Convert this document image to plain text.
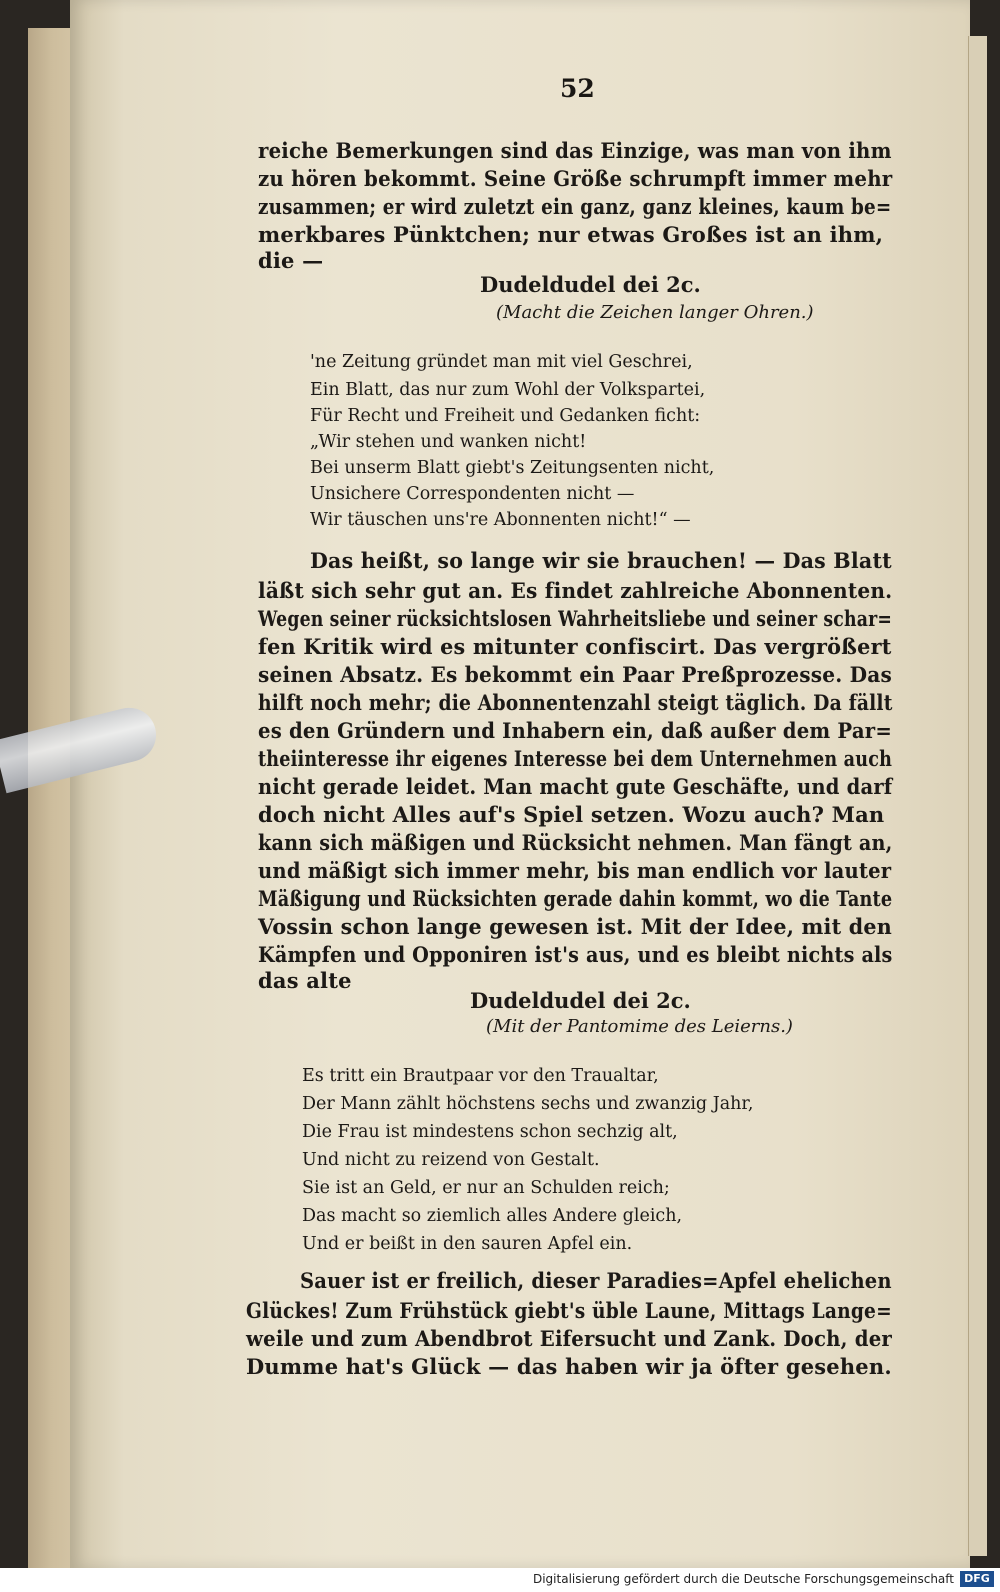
52
reiche Bemerkungen sind das Einzige, was man von ihm
zu hören bekommt. Seine Größe schrumpft immer mehr
zusammen; er wird zuletzt ein ganz, ganz kleines, kaum be=
merkbares Pünktchen; nur etwas Großes ist an ihm,
die —
Dudeldudel dei 2c.
(Macht die Zeichen langer Ohren.)
'ne Zeitung gründet man mit viel Geschrei,
Ein Blatt, das nur zum Wohl der Volkspartei,
Für Recht und Freiheit und Gedanken ficht:
„Wir stehen und wanken nicht!
Bei unserm Blatt giebt's Zeitungsenten nicht,
Unsichere Correspondenten nicht —
Wir täuschen uns're Abonnenten nicht!“ —
Das heißt, so lange wir sie brauchen! — Das Blatt
läßt sich sehr gut an. Es findet zahlreiche Abonnenten.
Wegen seiner rücksichtslosen Wahrheitsliebe und seiner schar=
fen Kritik wird es mitunter confiscirt. Das vergrößert
seinen Absatz. Es bekommt ein Paar Preßprozesse. Das
hilft noch mehr; die Abonnentenzahl steigt täglich. Da fällt
es den Gründern und Inhabern ein, daß außer dem Par=
theiinteresse ihr eigenes Interesse bei dem Unternehmen auch
nicht gerade leidet. Man macht gute Geschäfte, und darf
doch nicht Alles auf's Spiel setzen. Wozu auch? Man
kann sich mäßigen und Rücksicht nehmen. Man fängt an,
und mäßigt sich immer mehr, bis man endlich vor lauter
Mäßigung und Rücksichten gerade dahin kommt, wo die Tante
Vossin schon lange gewesen ist. Mit der Idee, mit den
Kämpfen und Opponiren ist's aus, und es bleibt nichts als
das alte
Dudeldudel dei 2c.
(Mit der Pantomime des Leierns.)
Es tritt ein Brautpaar vor den Traualtar,
Der Mann zählt höchstens sechs und zwanzig Jahr,
Die Frau ist mindestens schon sechzig alt,
Und nicht zu reizend von Gestalt.
Sie ist an Geld, er nur an Schulden reich;
Das macht so ziemlich alles Andere gleich,
Und er beißt in den sauren Apfel ein.
Sauer ist er freilich, dieser Paradies=Apfel ehelichen
Glückes! Zum Frühstück giebt's üble Laune, Mittags Lange=
weile und zum Abendbrot Eifersucht und Zank. Doch, der
Dumme hat's Glück — das haben wir ja öfter gesehen.
Digitalisierung gefördert durch die Deutsche Forschungsgemeinschaft DFG
